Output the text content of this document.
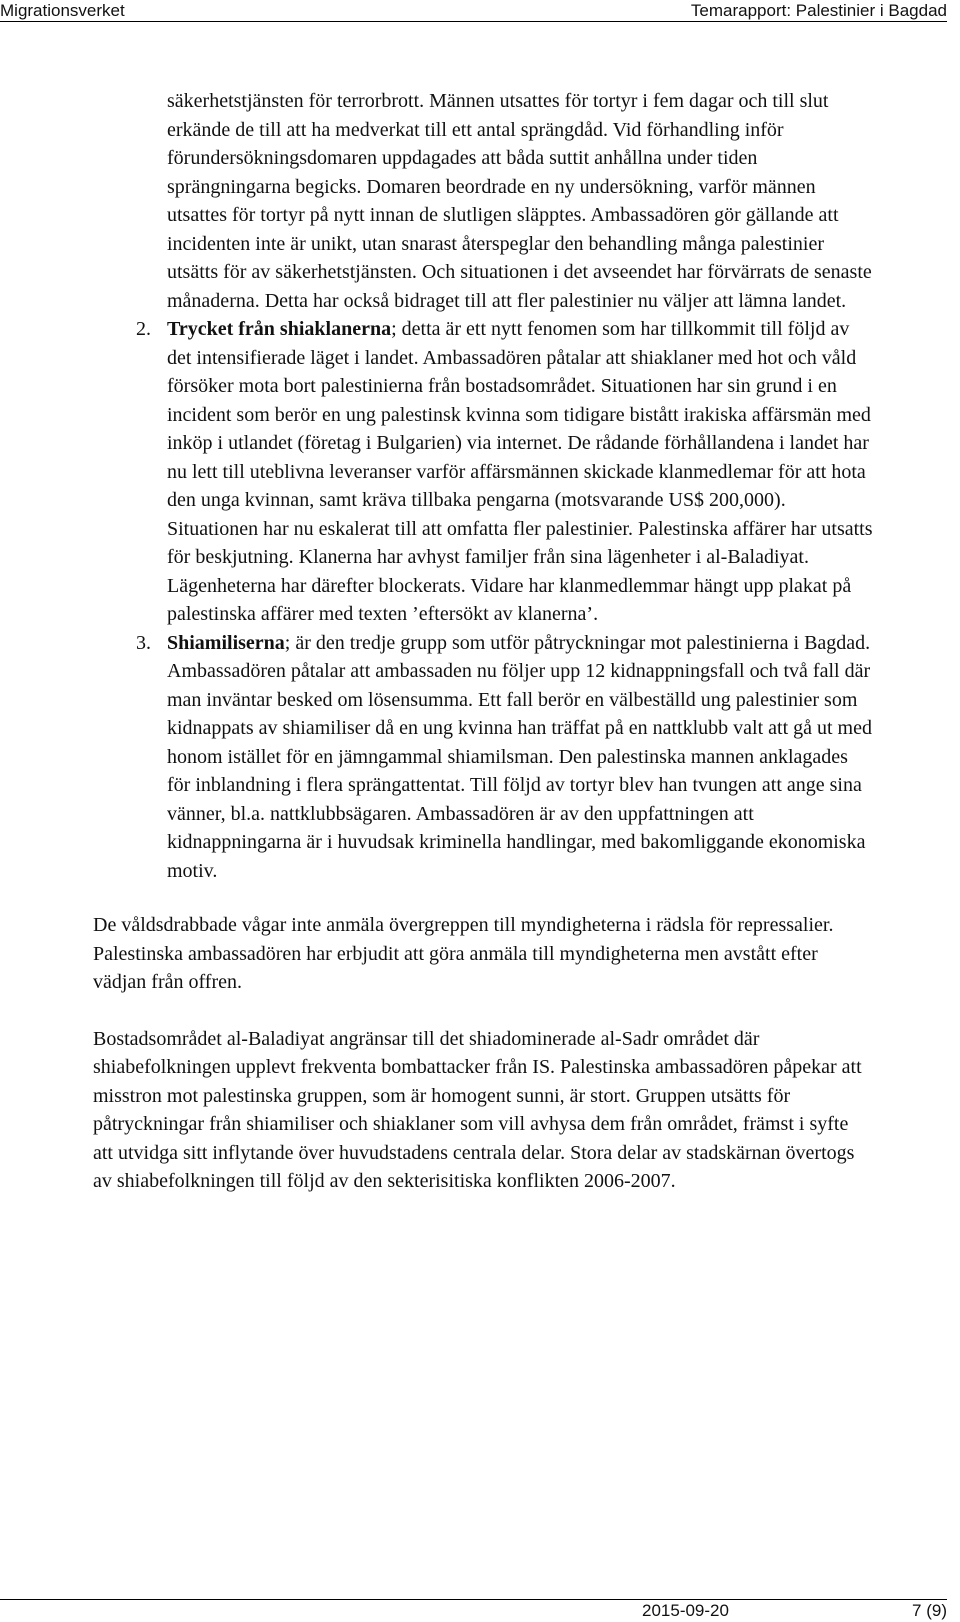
Migrationsverket	Temarapport: Palestinier i Bagdad
säkerhetstjänsten för terrorbrott. Männen utsattes för tortyr i fem dagar och till slut erkände de till att ha medverkat till ett antal sprängdåd. Vid förhandling inför förundersökningsdomaren uppdagades att båda suttit anhållna under tiden sprängningarna begicks. Domaren beordrade en ny undersökning, varför männen utsattes för tortyr på nytt innan de slutligen släpptes. Ambassadören gör gällande att incidenten inte är unikt, utan snarast återspeglar den behandling många palestinier utsätts för av säkerhetstjänsten. Och situationen i det avseendet har förvärrats de senaste månaderna. Detta har också bidraget till att fler palestinier nu väljer att lämna landet.
2. Trycket från shiaklanerna; detta är ett nytt fenomen som har tillkommit till följd av det intensifierade läget i landet. Ambassadören påtalar att shiaklaner med hot och våld försöker mota bort palestinierna från bostadsområdet. Situationen har sin grund i en incident som berör en ung palestinsk kvinna som tidigare bistått irakiska affärsmän med inköp i utlandet (företag i Bulgarien) via internet. De rådande förhållandena i landet har nu lett till uteblivna leveranser varför affärsmännen skickade klanmedlemar för att hota den unga kvinnan, samt kräva tillbaka pengarna (motsvarande US$ 200,000). Situationen har nu eskalerat till att omfatta fler palestinier. Palestinska affärer har utsatts för beskjutning. Klanerna har avhyst familjer från sina lägenheter i al-Baladiyat. Lägenheterna har därefter blockerats. Vidare har klanmedlemmar hängt upp plakat på palestinska affärer med texten ’eftersökt av klanerna’.
3. Shiamiliserna; är den tredje grupp som utför påtryckningar mot palestinierna i Bagdad. Ambassadören påtalar att ambassaden nu följer upp 12 kidnappningsfall och två fall där man inväntar besked om lösensumma. Ett fall berör en välbeställd ung palestinier som kidnappats av shiamiliser då en ung kvinna han träffat på en nattklubb valt att gå ut med honom istället för en jämngammal shiamilsman. Den palestinska mannen anklagades för inblandning i flera sprängattentat. Till följd av tortyr blev han tvungen att ange sina vänner, bl.a. nattklubbsägaren. Ambassadören är av den uppfattningen att kidnappningarna är i huvudsak kriminella handlingar, med bakomliggande ekonomiska motiv.

De våldsdrabbade vågar inte anmäla övergreppen till myndigheterna i rädsla för repressalier. Palestinska ambassadören har erbjudit att göra anmäla till myndigheterna men avstått efter vädjan från offren.

Bostadsområdet al-Baladiyat angränsar till det shiadominerade al-Sadr området där shiabefolkningen upplevt frekventa bombattacker från IS. Palestinska ambassadören påpekar att misstron mot palestinska gruppen, som är homogent sunni, är stort. Gruppen utsätts för påtryckningar från shiamiliser och shiaklaner som vill avhysa dem från området, främst i syfte att utvidga sitt inflytande över huvudstadens centrala delar. Stora delar av stadskärnan övertogs av shiabefolkningen till följd av den sekterisitiska konflikten 2006-2007.

2015-09-20	7 (9)
